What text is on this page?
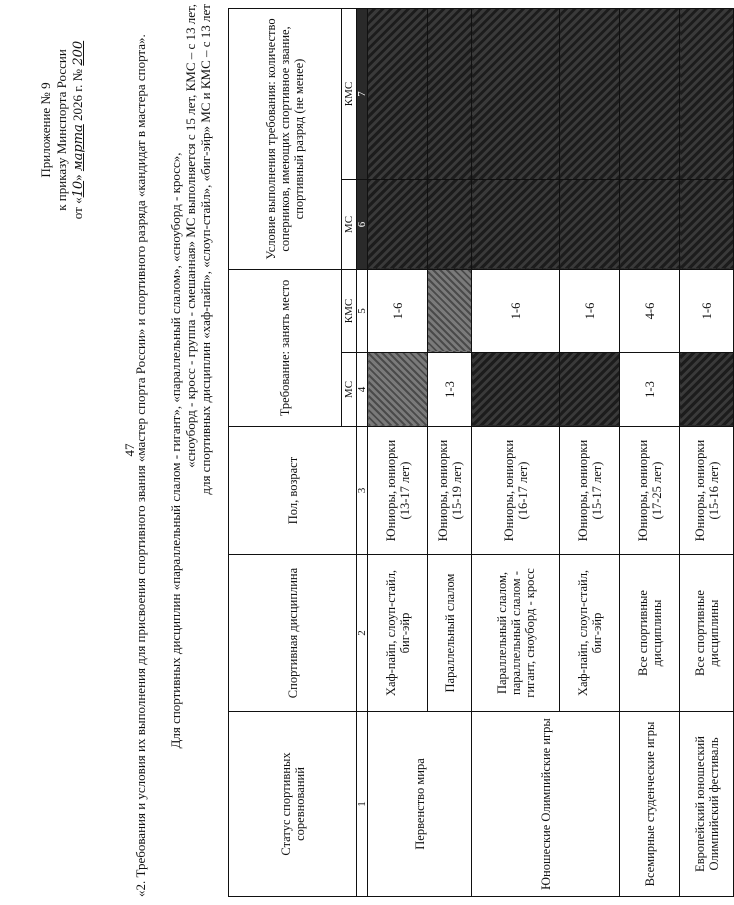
47
Приложение № 9 к приказу Минспорта России от «10» марта 2026 г. № 200	«2. Требования и условия их выполнения для присвоения спортивного звания «мастер спорта России» и спортивного разряда «кандидат в мастера спорта». Для спортивных дисциплин «параллельный слалом - гигант», «параллельный слалом», «сноуборд - кросс», «сноуборд - кросс - группа - смешанная» МС выполняется с 15 лет, КМС – с 13 лет, для спортивных дисциплин «хаф-пайп», «слоуп-стайл», «биг-эйр» МС и КМС – с 13 лет
Статус спортивных соревнований	Спортивная дисциплина	Пол, возраст	Требование: занять место		Условие выполнения требования: количество соперников, имеющих спортивное звание, спортивный разряд (не менее)	
			МС	КМС	МС	КМС
1	2	3	4	5	6	7
Первенство мира	Хаф-пайп, слоуп-стайл, биг-эйр	Юниоры, юниорки (13-17 лет)		1-6		
	Параллельный слалом	Юниоры, юниорки (15-19 лет)	1-3			
Юношеские Олимпийские игры	Параллельный слалом, параллельный слалом - гигант, сноуборд - кросс	Юниоры, юниорки (16-17 лет)		1-6		
	Хаф-пайп, слоуп-стайл, биг-эйр	Юниоры, юниорки (15-17 лет)		1-6		
Всемирные студенческие игры	Все спортивные дисциплины	Юниоры, юниорки (17-25 лет)	1-3	4-6		
Европейский юношеский Олимпийский фестиваль	Все спортивные дисциплины	Юниоры, юниорки (15-16 лет)		1-6		
